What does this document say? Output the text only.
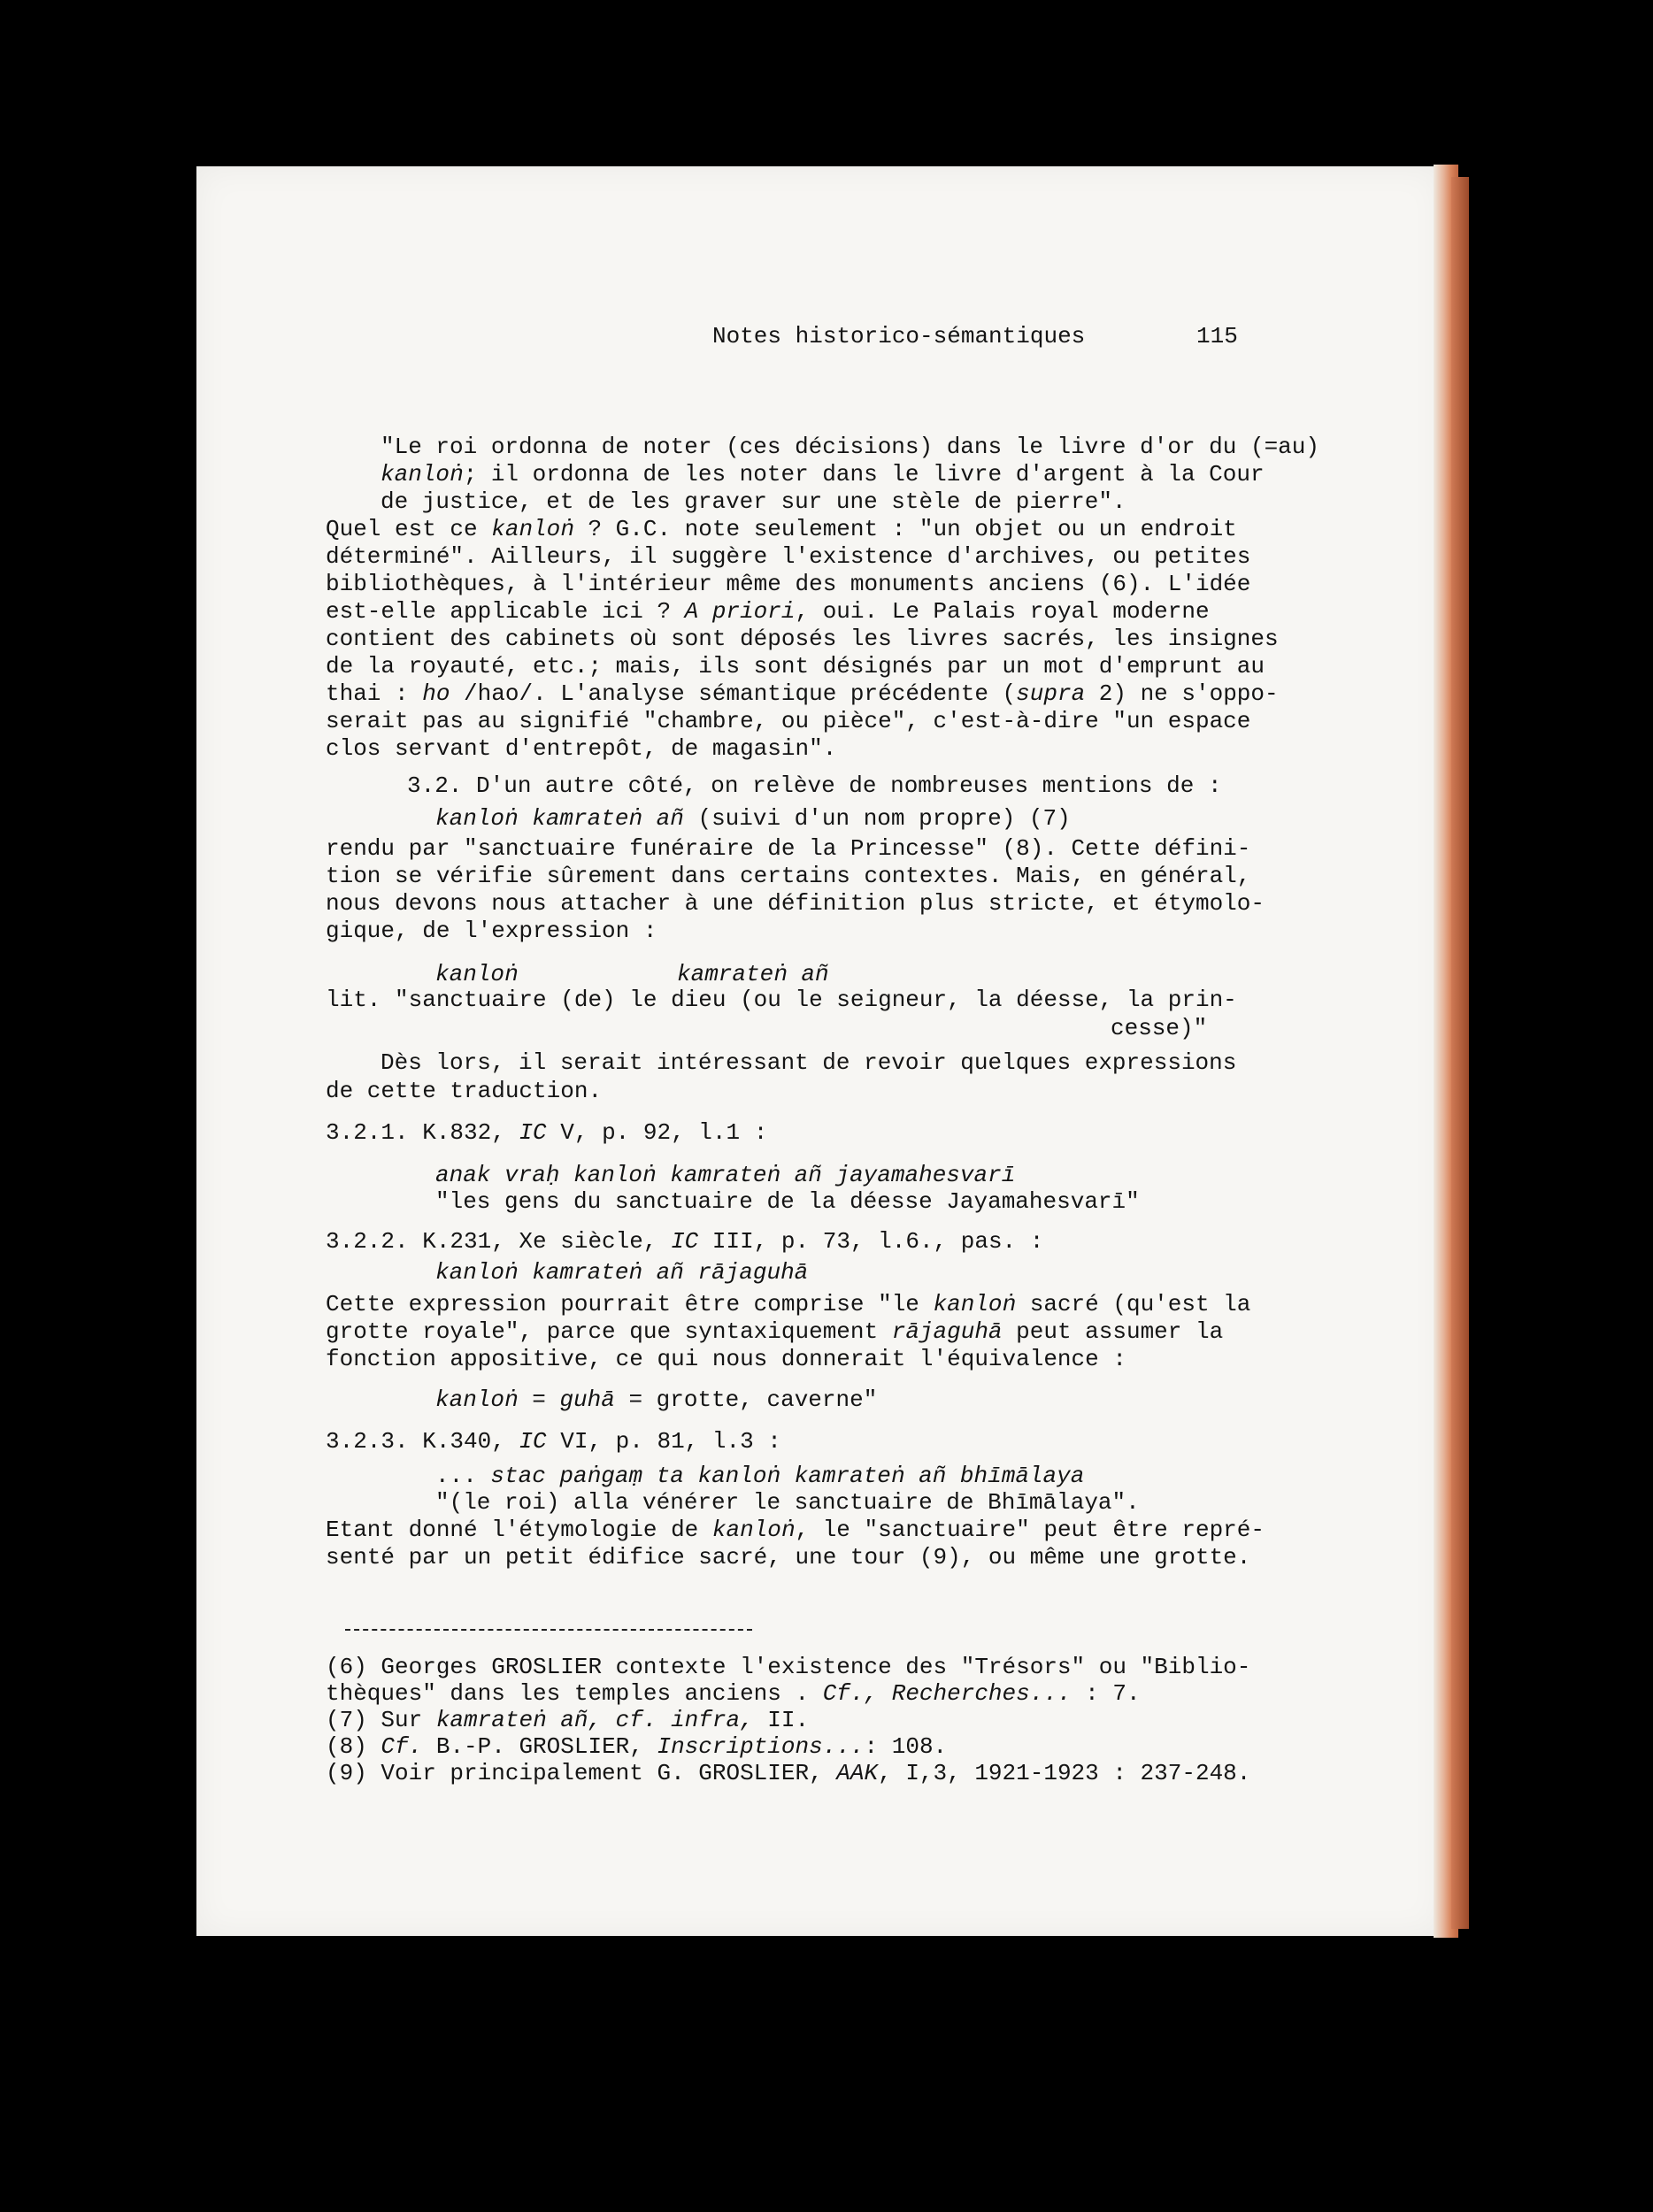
Notes historico-sémantiques	115
"Le roi ordonna de noter (ces décisions) dans le livre d'or du (=au)
kanloṅ; il ordonna de les noter dans le livre d'argent à la Cour
de justice, et de les graver sur une stèle de pierre".
Quel est ce kanloṅ ? G.C. note seulement : "un objet ou un endroit
déterminé". Ailleurs, il suggère l'existence d'archives, ou petites
bibliothèques, à l'intérieur même des monuments anciens (6). L'idée
est-elle applicable ici ? A priori, oui. Le Palais royal moderne
contient des cabinets où sont déposés les livres sacrés, les insignes
de la royauté, etc.; mais, ils sont désignés par un mot d'emprunt au
thai : ho /hao/. L'analyse sémantique précédente (supra 2) ne s'oppo-
serait pas au signifié "chambre, ou pièce", c'est-à-dire "un espace
clos servant d'entrepôt, de magasin".
3.2. D'un autre côté, on relève de nombreuses mentions de :
kanloṅ kamrateṅ añ (suivi d'un nom propre) (7)
rendu par "sanctuaire funéraire de la Princesse" (8). Cette défini-
tion se vérifie sûrement dans certains contextes. Mais, en général,
nous devons nous attacher à une définition plus stricte, et étymolo-
gique, de l'expression :
kanloṅ	kamrateṅ añ
lit. "sanctuaire (de) le dieu (ou le seigneur, la déesse, la prin-
cesse)"
Dès lors, il serait intéressant de revoir quelques expressions
de cette traduction.
3.2.1. K.832, IC V, p. 92, l.1 :
anak vraḥ kanloṅ kamrateṅ añ jayamahesvarī
"les gens du sanctuaire de la déesse Jayamahesvarī"
3.2.2. K.231, Xe siècle, IC III, p. 73, l.6., pas. :
kanloṅ kamrateṅ añ rājaguhā
Cette expression pourrait être comprise "le kanloṅ sacré (qu'est la
grotte royale", parce que syntaxiquement rājaguhā peut assumer la
fonction appositive, ce qui nous donnerait l'équivalence :
kanloṅ = guhā = grotte, caverne"
3.2.3. K.340, IC VI, p. 81, l.3 :
... stac paṅgaṃ ta kanloṅ kamrateṅ añ bhīmālaya
"(le roi) alla vénérer le sanctuaire de Bhīmālaya".
Etant donné l'étymologie de kanloṅ, le "sanctuaire" peut être repré-
senté par un petit édifice sacré, une tour (9), ou même une grotte.
(6) Georges GROSLIER contexte l'existence des "Trésors" ou "Biblio-
thèques" dans les temples anciens . Cf., Recherches... : 7.
(7) Sur kamrateṅ añ, cf. infra, II.
(8) Cf. B.-P. GROSLIER, Inscriptions...: 108.
(9) Voir principalement G. GROSLIER, AAK, I,3, 1921-1923 : 237-248.
